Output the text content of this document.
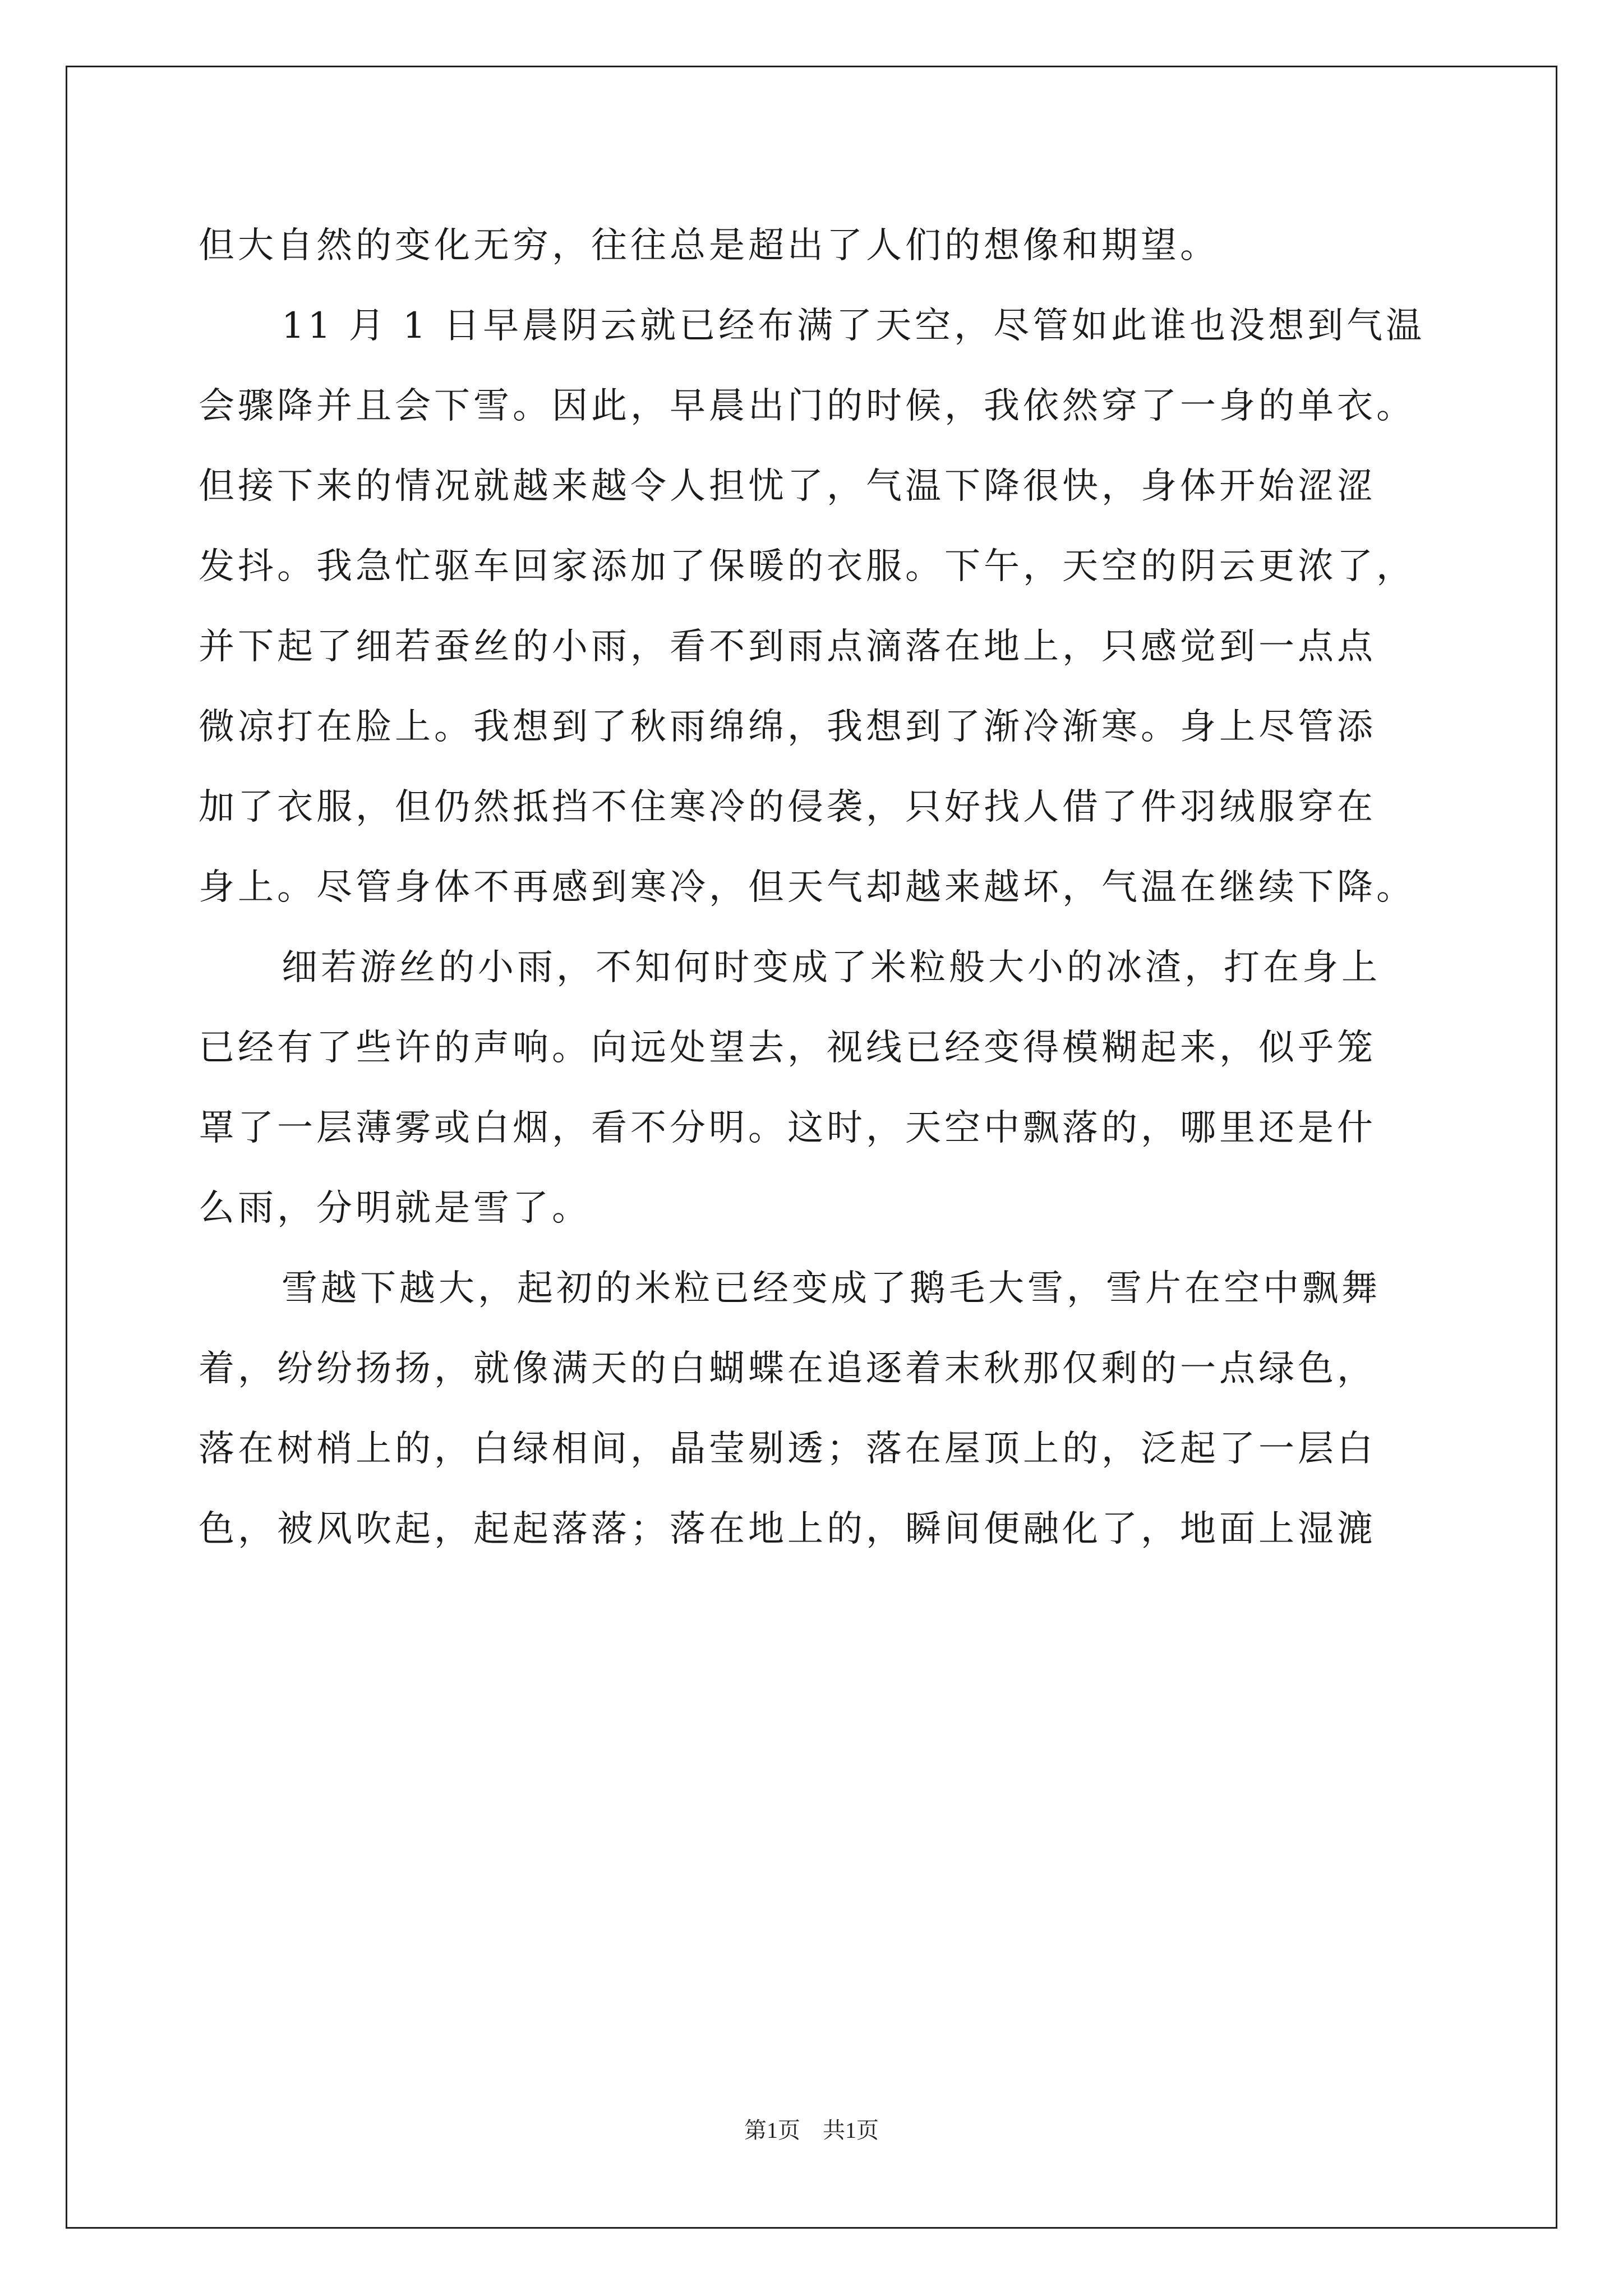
但大自然的变化无穷，往往总是超出了人们的想像和期望。

11 月 1 日早晨阴云就已经布满了天空，尽管如此谁也没想到气温

会骤降并且会下雪。因此，早晨出门的时候，我依然穿了一身的单衣。

但接下来的情况就越来越令人担忧了，气温下降很快，身体开始涩涩

发抖。我急忙驱车回家添加了保暖的衣服。下午，天空的阴云更浓了，

并下起了细若蚕丝的小雨，看不到雨点滴落在地上，只感觉到一点点

微凉打在脸上。我想到了秋雨绵绵，我想到了渐冷渐寒。身上尽管添

加了衣服，但仍然抵挡不住寒冷的侵袭，只好找人借了件羽绒服穿在

身上。尽管身体不再感到寒冷，但天气却越来越坏，气温在继续下降。

细若游丝的小雨，不知何时变成了米粒般大小的冰渣，打在身上

已经有了些许的声响。向远处望去，视线已经变得模糊起来，似乎笼

罩了一层薄雾或白烟，看不分明。这时，天空中飘落的，哪里还是什

么雨，分明就是雪了。

雪越下越大，起初的米粒已经变成了鹅毛大雪，雪片在空中飘舞

着，纷纷扬扬，就像满天的白蝴蝶在追逐着末秋那仅剩的一点绿色，

落在树梢上的，白绿相间，晶莹剔透；落在屋顶上的，泛起了一层白

色，被风吹起，起起落落；落在地上的，瞬间便融化了，地面上湿漉

第1页 共1页
